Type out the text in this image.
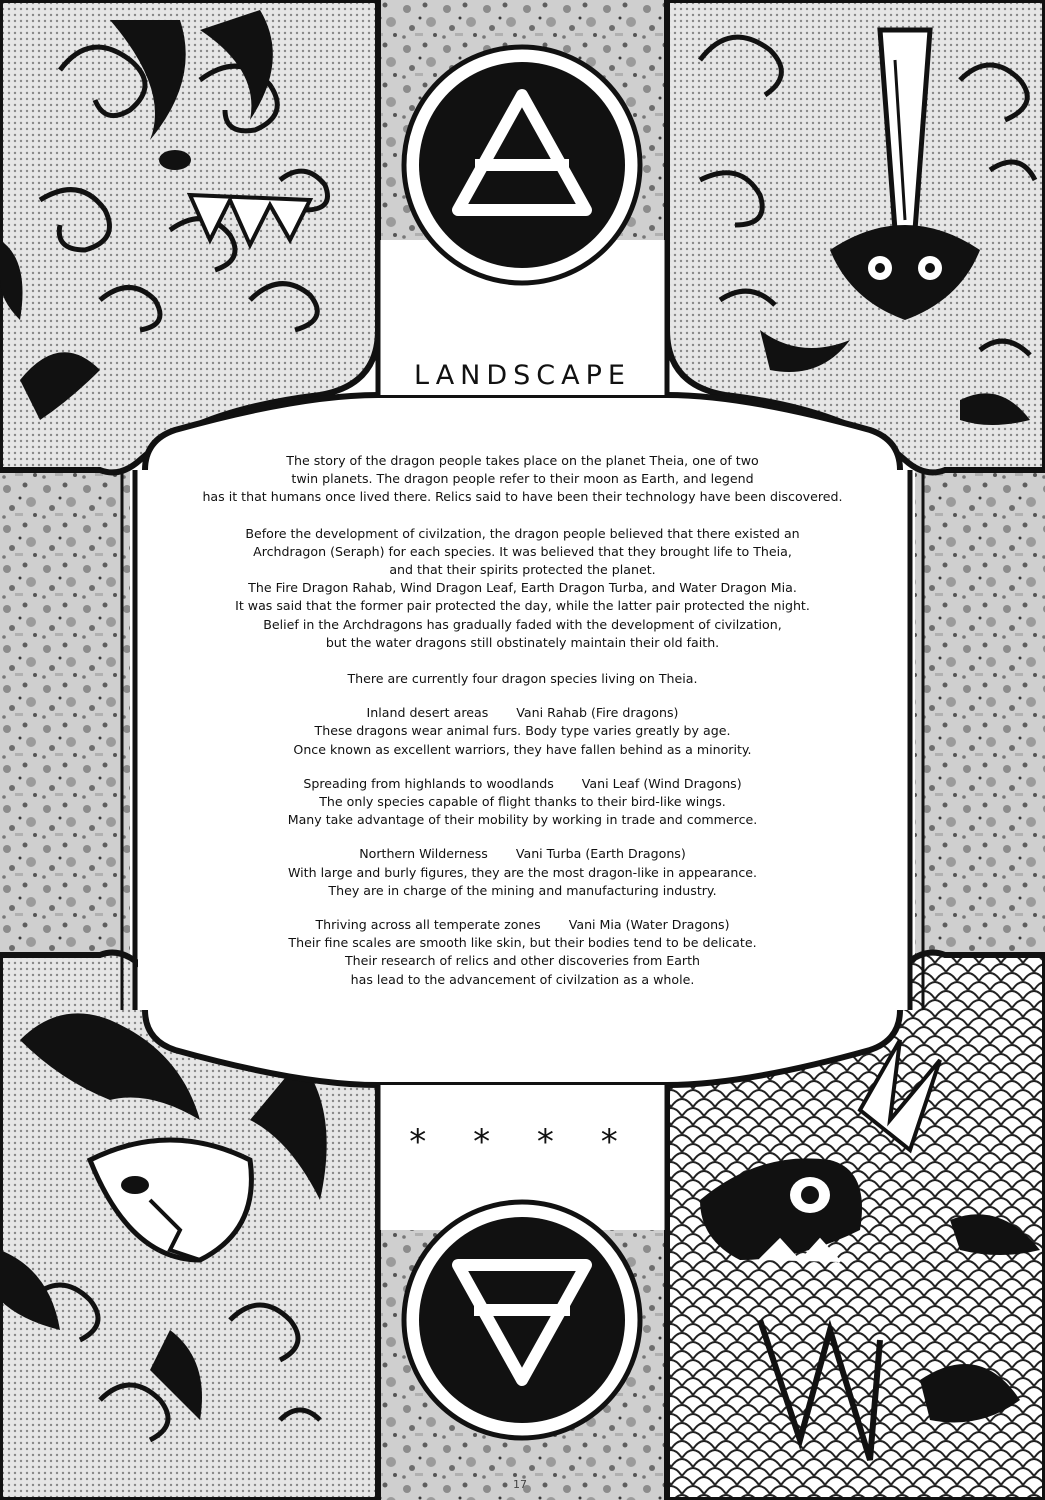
LANDSCAPE
The story of the dragon people takes place on the planet Theia, one of two
twin planets. The dragon people refer to their moon as Earth, and legend
has it that humans once lived there. Relics said to have been their technology have been discovered.
Before the development of civilzation, the dragon people believed that there existed an
Archdragon (Seraph) for each species. It was believed that they brought life to Theia,
and that their spirits protected the planet.
The Fire Dragon Rahab, Wind Dragon Leaf, Earth Dragon Turba, and Water Dragon Mia.
It was said that the former pair protected the day, while the latter pair protected the night.
Belief in the Archdragons has gradually faded with the development of civilzation,
but the water dragons still obstinately maintain their old faith.
There are currently four dragon species living on Theia.
Inland desert areas Vani Rahab (Fire dragons)
These dragons wear animal furs. Body type varies greatly by age.
Once known as excellent warriors, they have fallen behind as a minority.
Spreading from highlands to woodlands Vani Leaf (Wind Dragons)
The only species capable of flight thanks to their bird-like wings.
Many take advantage of their mobility by working in trade and commerce.
Northern Wilderness Vani Turba (Earth Dragons)
With large and burly figures, they are the most dragon-like in appearance.
They are in charge of the mining and manufacturing industry.
Thriving across all temperate zones Vani Mia (Water Dragons)
Their fine scales are smooth like skin, but their bodies tend to be delicate.
Their research of relics and other discoveries from Earth
has lead to the advancement of civilzation as a whole.
* * * *
17
